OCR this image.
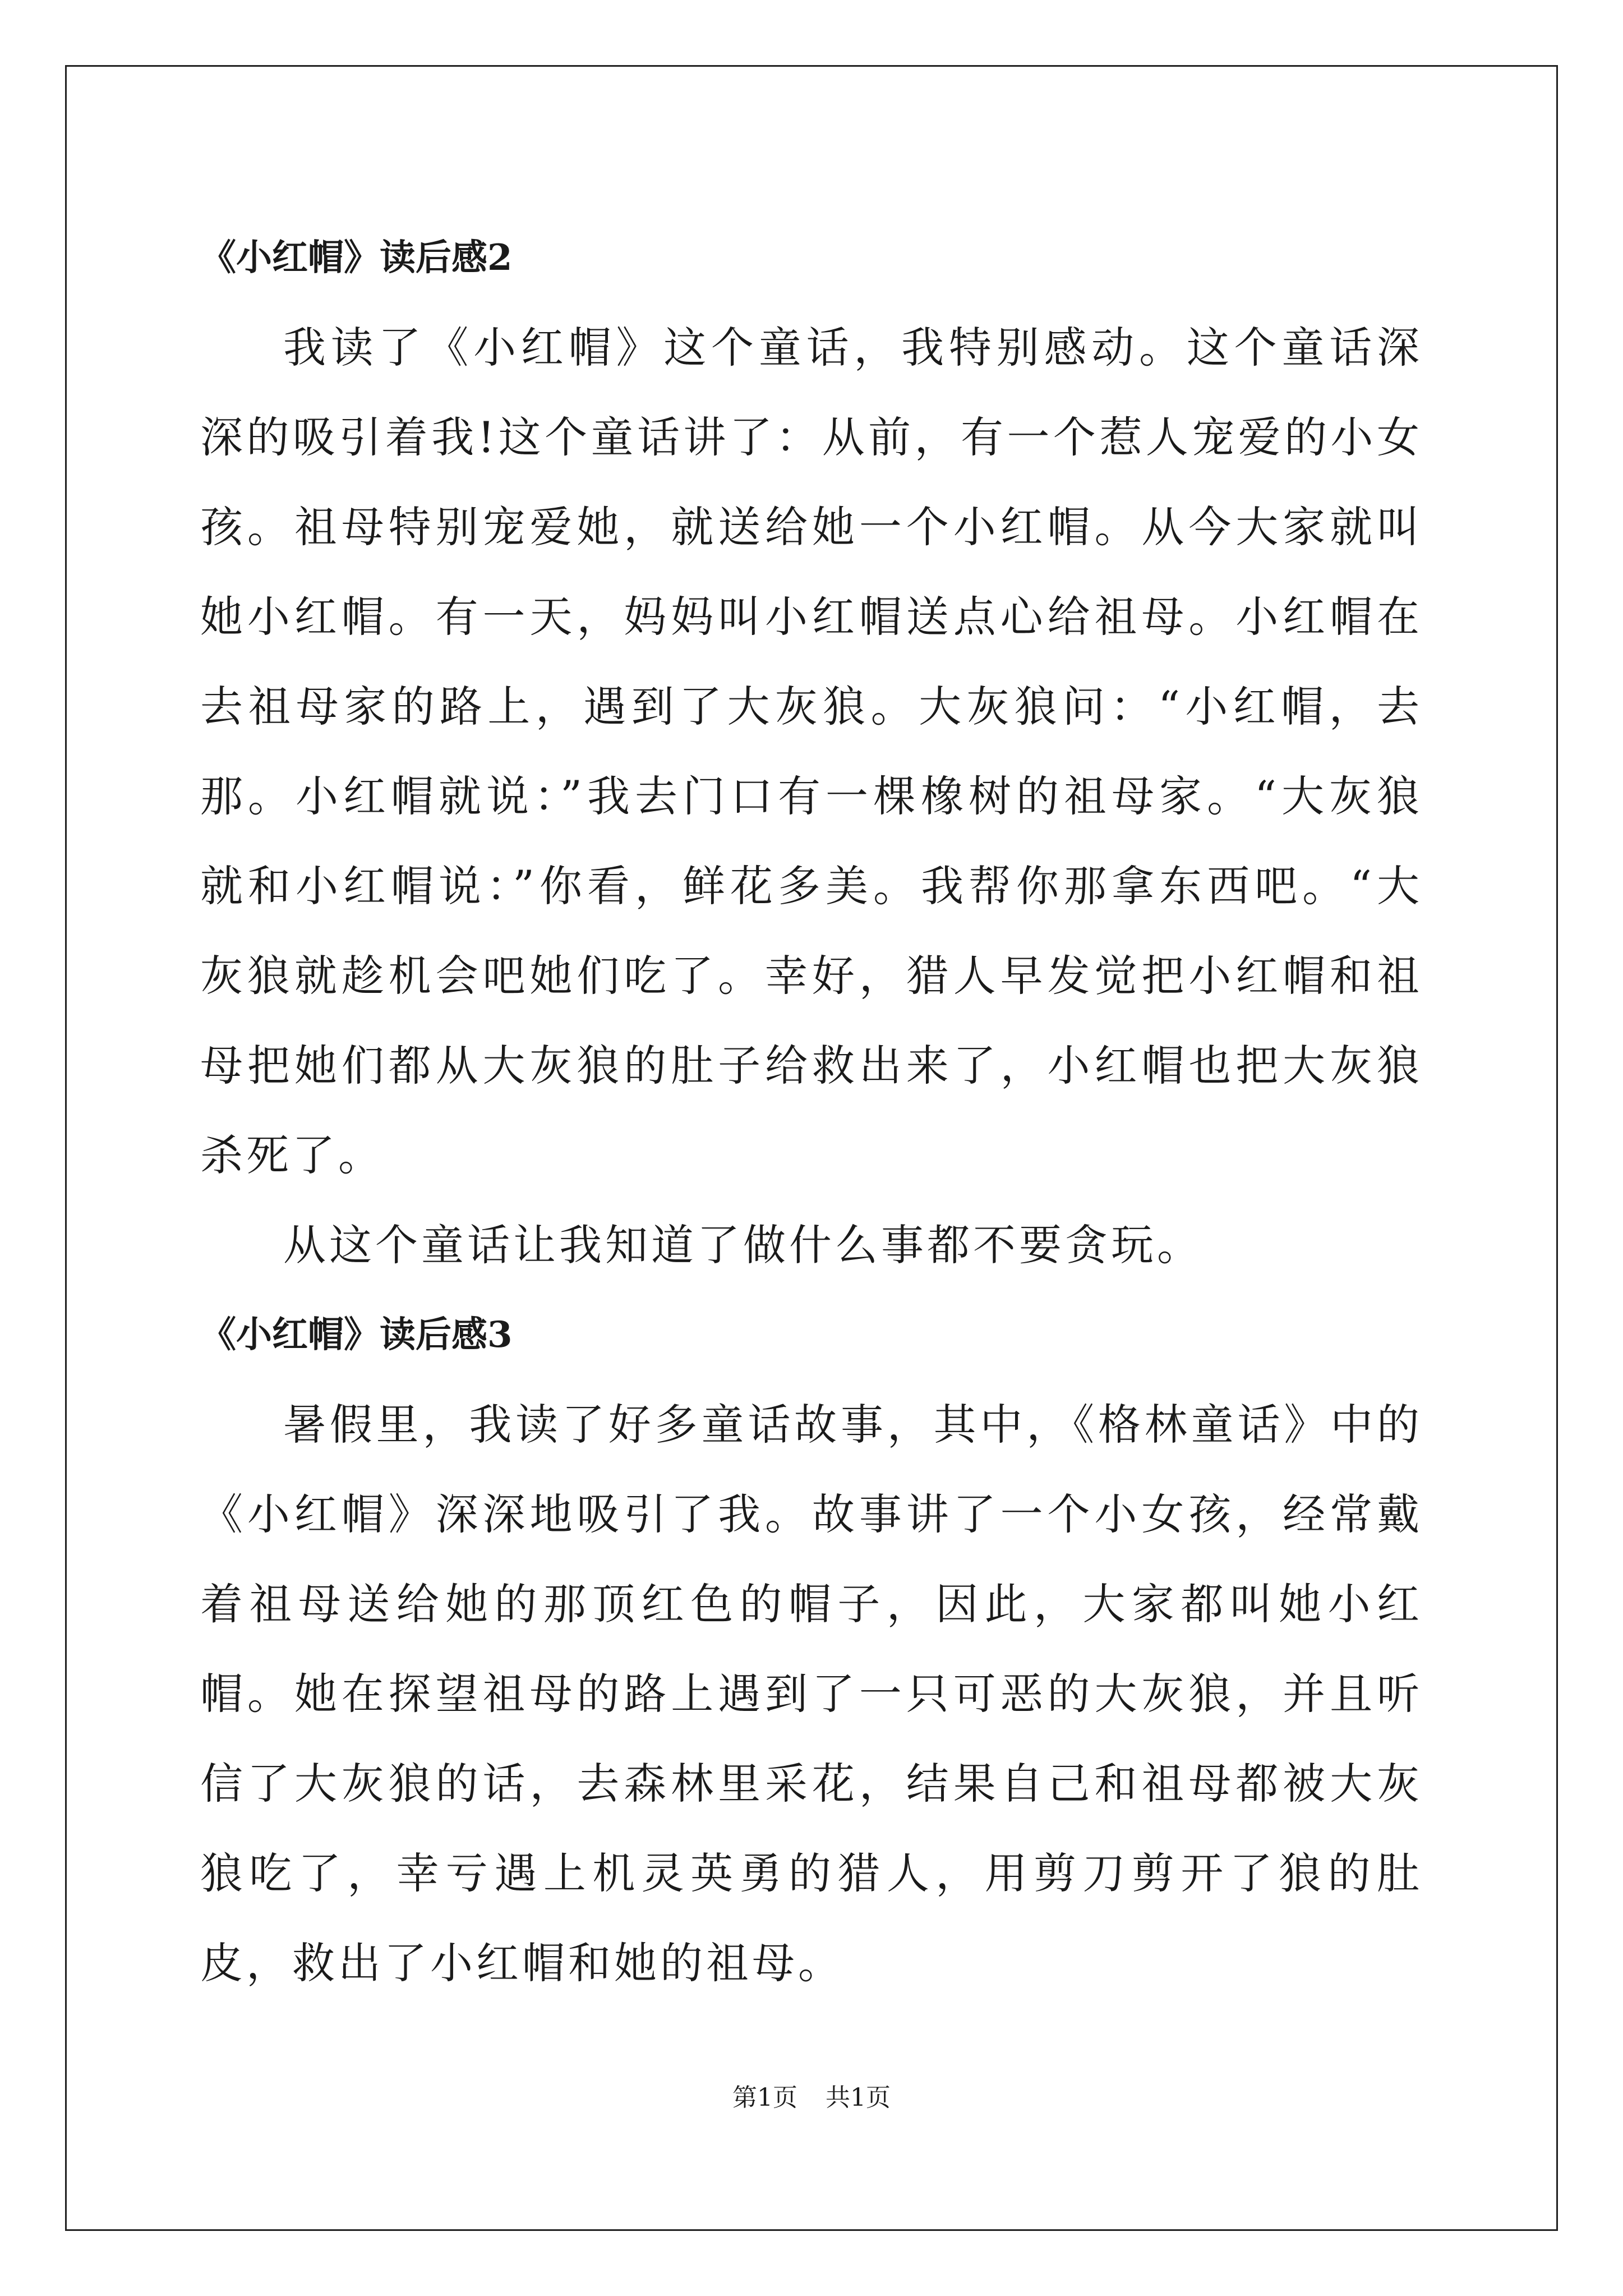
《小红帽》读后感2

我读了《小红帽》这个童话，我特别感动。这个童话深深的吸引着我!这个童话讲了：从前，有一个惹人宠爱的小女孩。祖母特别宠爱她，就送给她一个小红帽。从今大家就叫她小红帽。有一天，妈妈叫小红帽送点心给祖母。小红帽在去祖母家的路上，遇到了大灰狼。大灰狼问：“小红帽，去那。小红帽就说：”我去门口有一棵橡树的祖母家。“大灰狼就和小红帽说：”你看，鲜花多美。我帮你那拿东西吧。“大灰狼就趁机会吧她们吃了。幸好，猎人早发觉把小红帽和祖母把她们都从大灰狼的肚子给救出来了，小红帽也把大灰狼杀死了。

从这个童话让我知道了做什么事都不要贪玩。

《小红帽》读后感3

暑假里，我读了好多童话故事，其中，《格林童话》中的《小红帽》深深地吸引了我。故事讲了一个小女孩，经常戴着祖母送给她的那顶红色的帽子，因此，大家都叫她小红帽。她在探望祖母的路上遇到了一只可恶的大灰狼，并且听信了大灰狼的话，去森林里采花，结果自己和祖母都被大灰狼吃了，幸亏遇上机灵英勇的猎人，用剪刀剪开了狼的肚皮，救出了小红帽和她的祖母。

第1页 共1页
